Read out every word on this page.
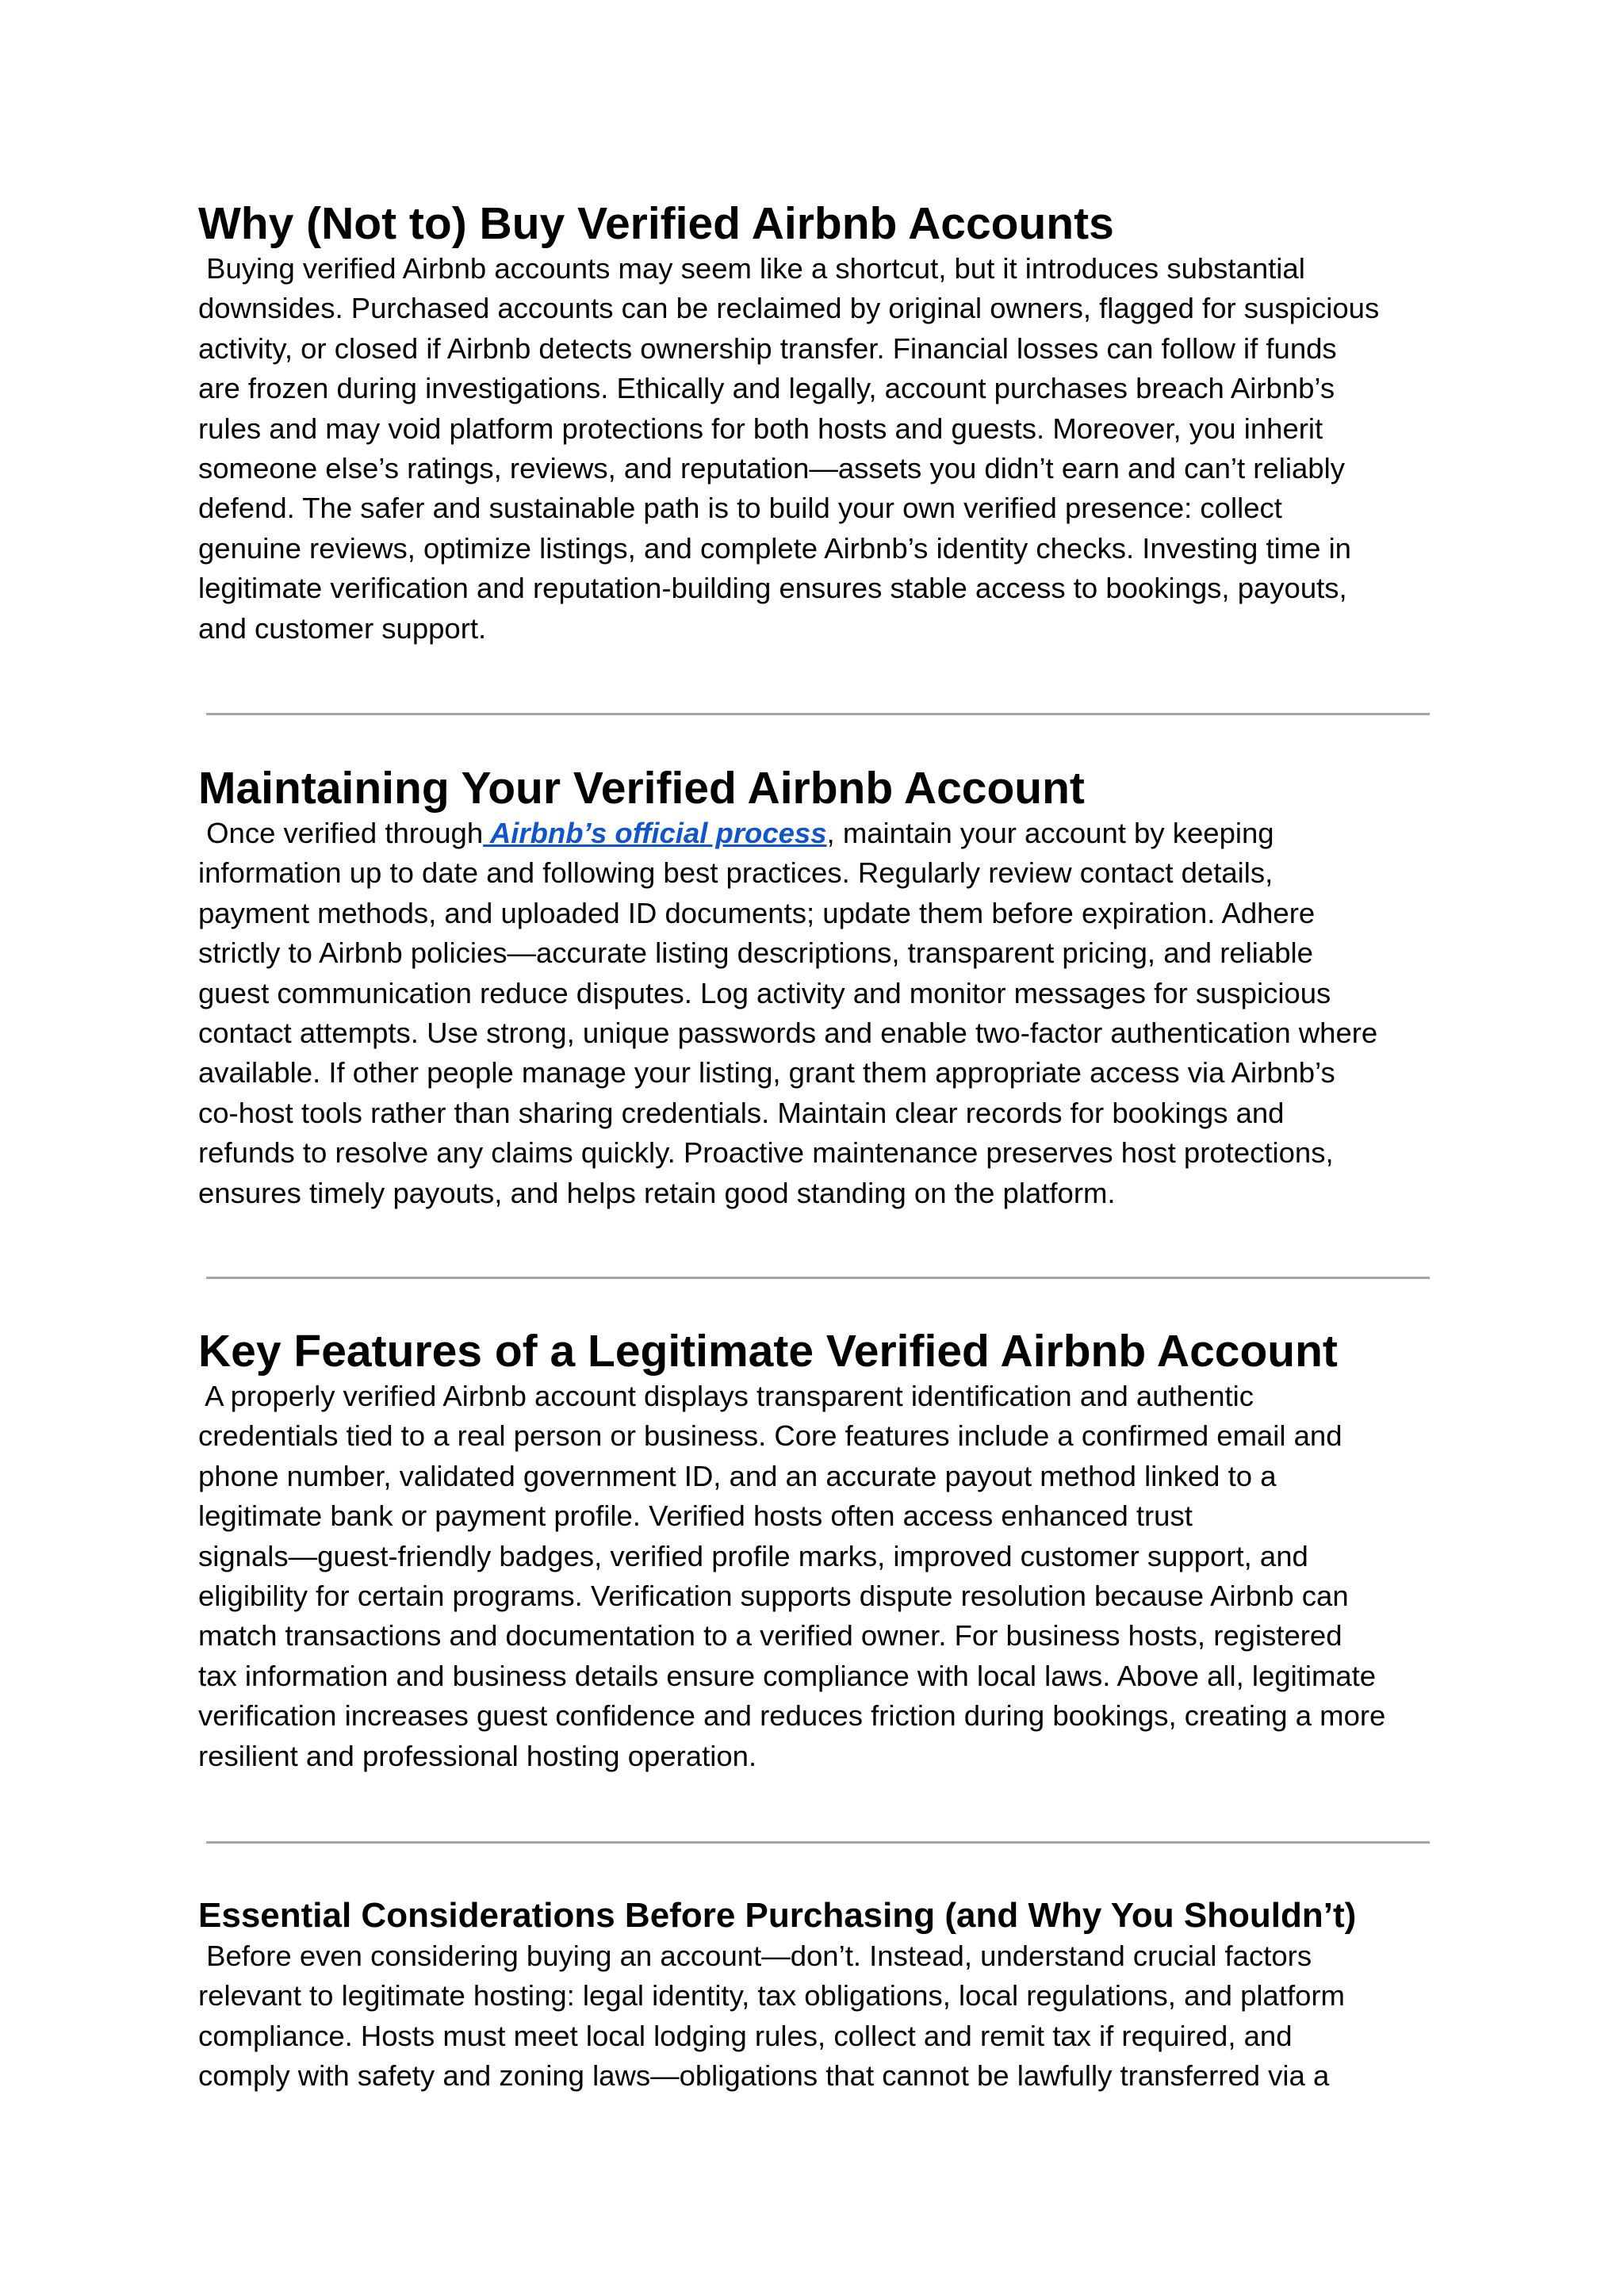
Why (Not to) Buy Verified Airbnb Accounts
Buying verified Airbnb accounts may seem like a shortcut, but it introduces substantial
downsides. Purchased accounts can be reclaimed by original owners, flagged for suspicious
activity, or closed if Airbnb detects ownership transfer. Financial losses can follow if funds
are frozen during investigations. Ethically and legally, account purchases breach Airbnb’s
rules and may void platform protections for both hosts and guests. Moreover, you inherit
someone else’s ratings, reviews, and reputation—assets you didn’t earn and can’t reliably
defend. The safer and sustainable path is to build your own verified presence: collect
genuine reviews, optimize listings, and complete Airbnb’s identity checks. Investing time in
legitimate verification and reputation-building ensures stable access to bookings, payouts,
and customer support.
Maintaining Your Verified Airbnb Account
Once verified through Airbnb’s official process, maintain your account by keeping
information up to date and following best practices. Regularly review contact details,
payment methods, and uploaded ID documents; update them before expiration. Adhere
strictly to Airbnb policies—accurate listing descriptions, transparent pricing, and reliable
guest communication reduce disputes. Log activity and monitor messages for suspicious
contact attempts. Use strong, unique passwords and enable two-factor authentication where
available. If other people manage your listing, grant them appropriate access via Airbnb’s
co-host tools rather than sharing credentials. Maintain clear records for bookings and
refunds to resolve any claims quickly. Proactive maintenance preserves host protections,
ensures timely payouts, and helps retain good standing on the platform.
Key Features of a Legitimate Verified Airbnb Account
A properly verified Airbnb account displays transparent identification and authentic
credentials tied to a real person or business. Core features include a confirmed email and
phone number, validated government ID, and an accurate payout method linked to a
legitimate bank or payment profile. Verified hosts often access enhanced trust
signals—guest-friendly badges, verified profile marks, improved customer support, and
eligibility for certain programs. Verification supports dispute resolution because Airbnb can
match transactions and documentation to a verified owner. For business hosts, registered
tax information and business details ensure compliance with local laws. Above all, legitimate
verification increases guest confidence and reduces friction during bookings, creating a more
resilient and professional hosting operation.
Essential Considerations Before Purchasing (and Why You Shouldn’t)
Before even considering buying an account—don’t. Instead, understand crucial factors
relevant to legitimate hosting: legal identity, tax obligations, local regulations, and platform
compliance. Hosts must meet local lodging rules, collect and remit tax if required, and
comply with safety and zoning laws—obligations that cannot be lawfully transferred via a
